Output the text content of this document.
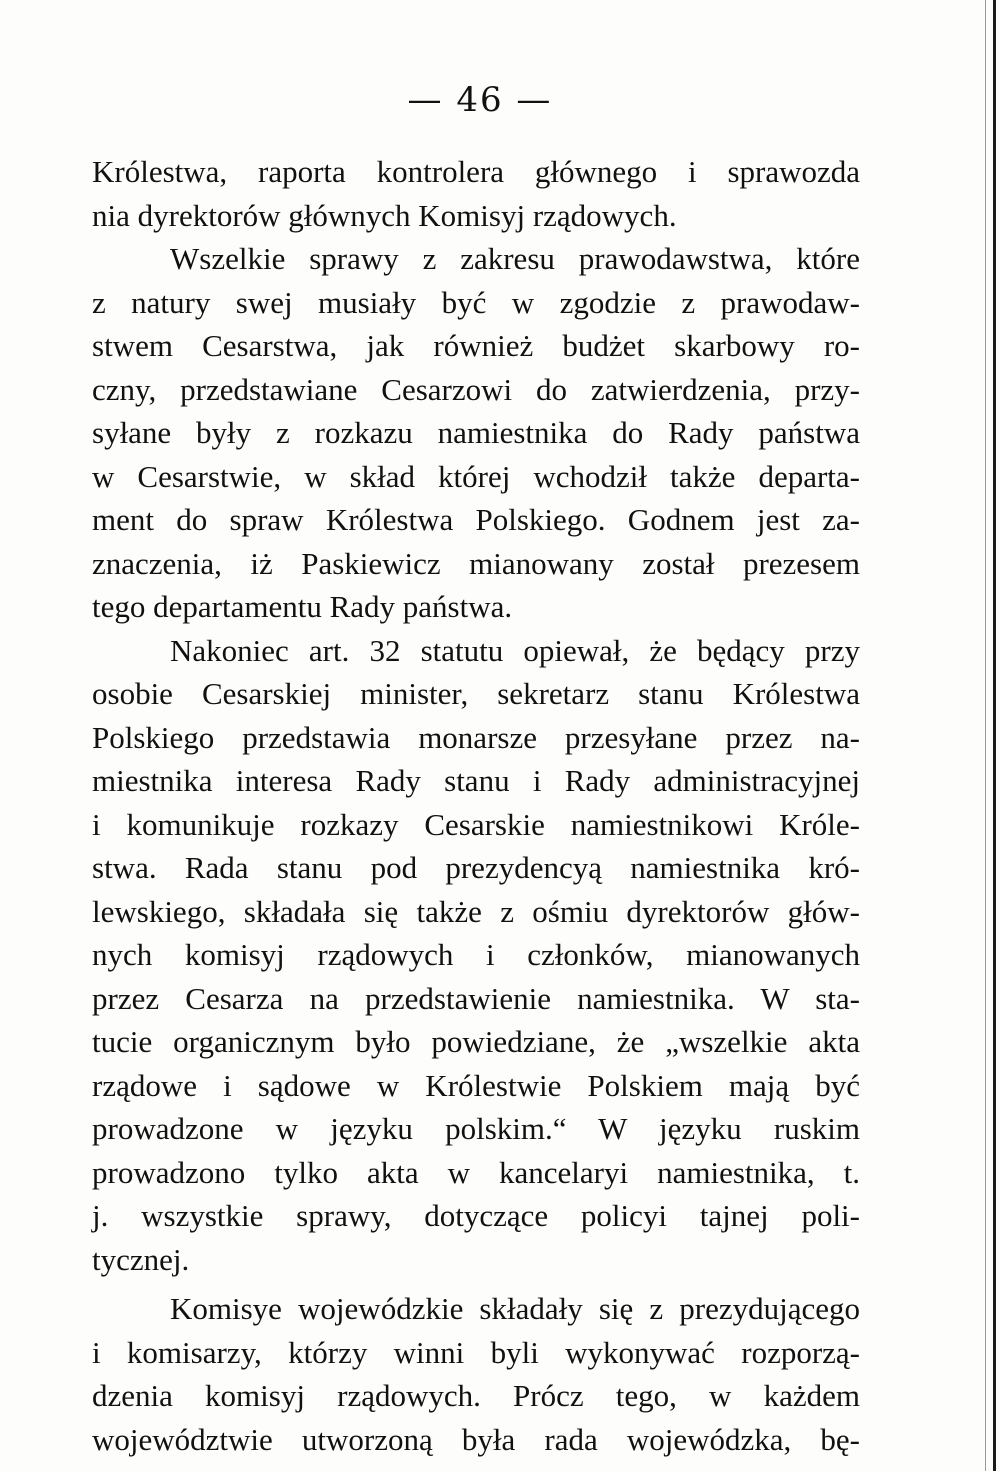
— 46 —

Królestwa, raporta kontrolera głównego i sprawozda
nia dyrektorów głównych Komisyj rządowych.
Wszelkie sprawy z zakresu prawodawstwa, które
z natury swej musiały być w zgodzie z prawodaw-
stwem Cesarstwa, jak również budżet skarbowy ro-
czny, przedstawiane Cesarzowi do zatwierdzenia, przy-
syłane były z rozkazu namiestnika do Rady państwa
w Cesarstwie, w skład której wchodził także departa-
ment do spraw Królestwa Polskiego. Godnem jest za-
znaczenia, iż Paskiewicz mianowany został prezesem
tego departamentu Rady państwa.
Nakoniec art. 32 statutu opiewał, że będący przy
osobie Cesarskiej minister, sekretarz stanu Królestwa
Polskiego przedstawia monarsze przesyłane przez na-
miestnika interesa Rady stanu i Rady administracyjnej
i komunikuje rozkazy Cesarskie namiestnikowi Króle-
stwa. Rada stanu pod prezydencyą namiestnika kró-
lewskiego, składała się także z ośmiu dyrektorów głów-
nych komisyj rządowych i członków, mianowanych
przez Cesarza na przedstawienie namiestnika. W sta-
tucie organicznym było powiedziane, że „wszelkie akta
rządowe i sądowe w Królestwie Polskiem mają być
prowadzone w języku polskim.“ W języku ruskim
prowadzono tylko akta w kancelaryi namiestnika, t.
j. wszystkie sprawy, dotyczące policyi tajnej poli-
tycznej.
Komisye wojewódzkie składały się z prezydującego
i komisarzy, którzy winni byli wykonywać rozporzą-
dzenia komisyj rządowych. Prócz tego, w każdem
województwie utworzoną była rada wojewódzka, bę-
